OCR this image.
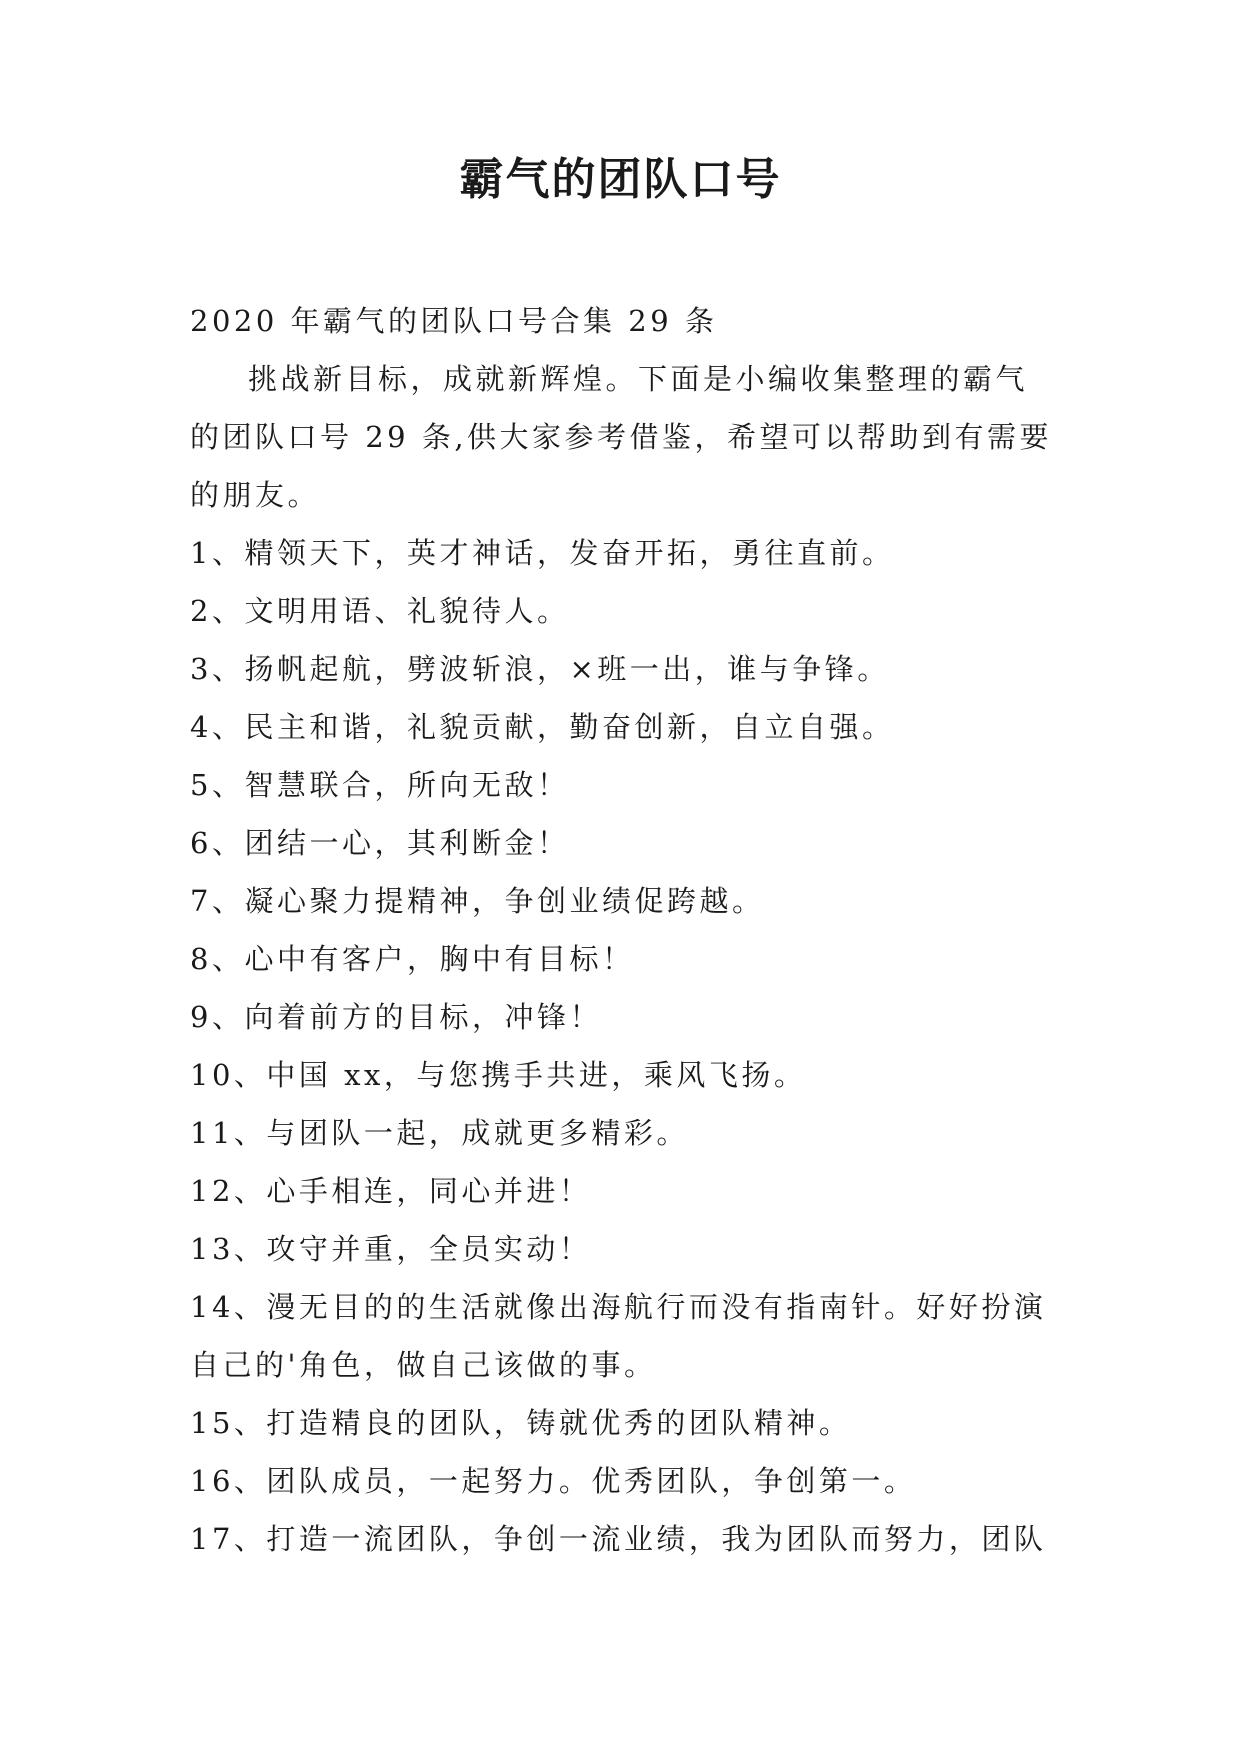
霸气的团队口号

2020 年霸气的团队口号合集 29 条

挑战新目标，成就新辉煌。下面是小编收集整理的霸气的团队口号 29 条,供大家参考借鉴，希望可以帮助到有需要的朋友。

1、精领天下，英才神话，发奋开拓，勇往直前。

2、文明用语、礼貌待人。

3、扬帆起航，劈波斩浪，×班一出，谁与争锋。

4、民主和谐，礼貌贡献，勤奋创新，自立自强。

5、智慧联合，所向无敌！

6、团结一心，其利断金！

7、凝心聚力提精神，争创业绩促跨越。

8、心中有客户，胸中有目标！

9、向着前方的目标，冲锋！

10、中国 xx，与您携手共进，乘风飞扬。

11、与团队一起，成就更多精彩。

12、心手相连，同心并进！

13、攻守并重，全员实动！

14、漫无目的的生活就像出海航行而没有指南针。好好扮演自己的'角色，做自己该做的事。

15、打造精良的团队，铸就优秀的团队精神。

16、团队成员，一起努力。优秀团队，争创第一。

17、打造一流团队，争创一流业绩，我为团队而努力，团队
